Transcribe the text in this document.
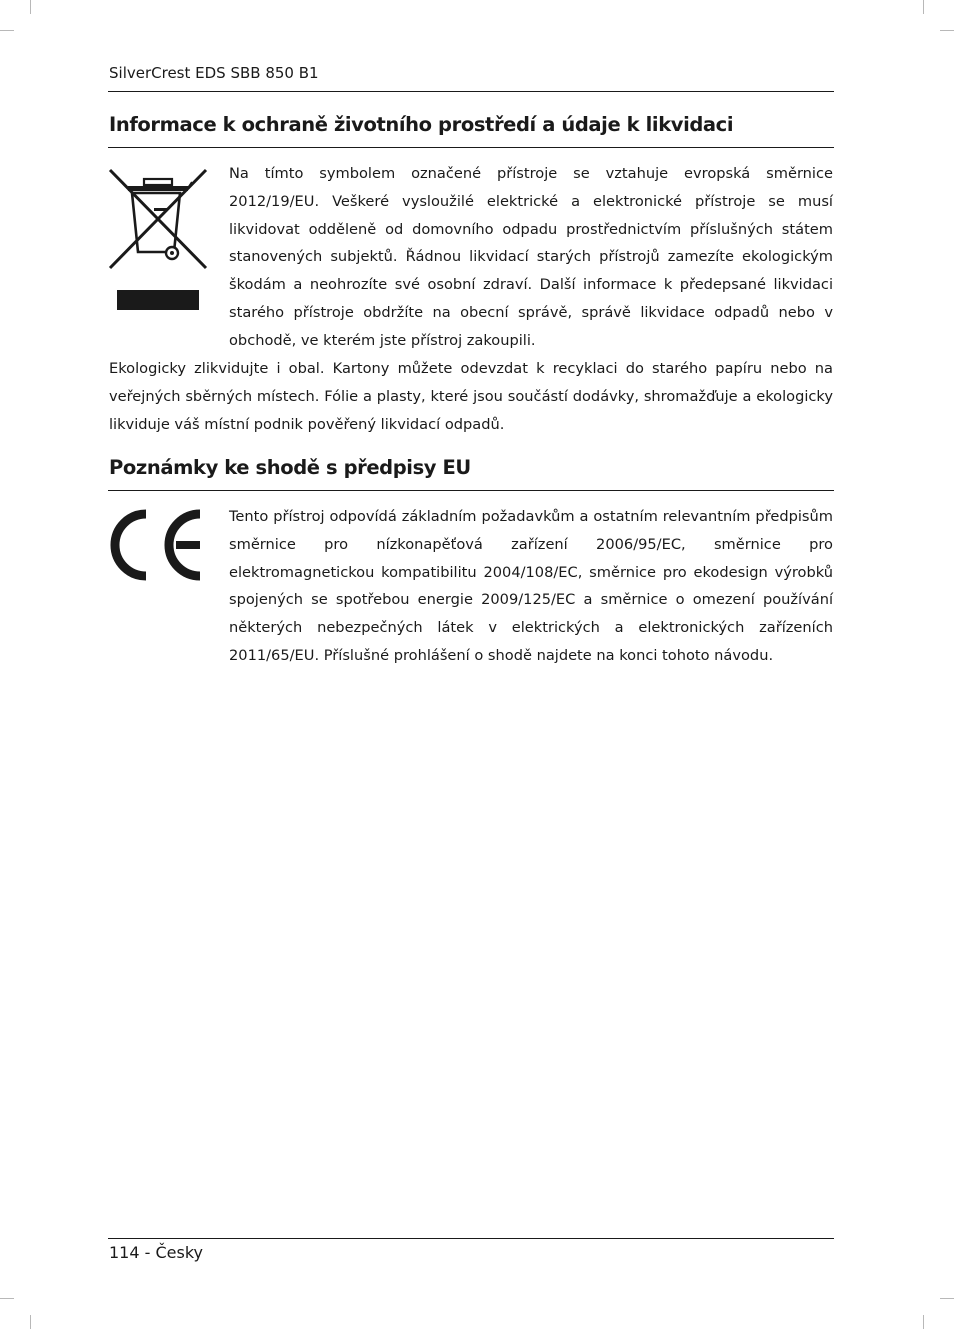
SilverCrest EDS SBB 850 B1
Informace k ochraně životního prostředí a údaje k likvidaci

Na tímto symbolem označené přístroje se vztahuje evropská směrnice 2012/19/EU. Veškeré vysloužilé elektrické a elektronické přístroje se musí likvidovat odděleně od domovního odpadu prostřednictvím příslušných státem stanovených subjektů. Řádnou likvidací starých přístrojů zamezíte ekologickým škodám a neohrozíte své osobní zdraví. Další informace k předepsané likvidaci starého přístroje obdržíte na obecní správě, správě likvidace odpadů nebo v obchodě, ve kterém jste přístroj zakoupili.

Ekologicky zlikvidujte i obal. Kartony můžete odevzdat k recyklaci do starého papíru nebo na veřejných sběrných místech. Fólie a plasty, které jsou součástí dodávky, shromažďuje a ekologicky likviduje váš místní podnik pověřený likvidací odpadů.

Poznámky ke shodě s předpisy EU

Tento přístroj odpovídá základním požadavkům a ostatním relevantním předpisům směrnice pro nízkonapěťová zařízení 2006/95/EC, směrnice pro elektromagnetickou kompatibilitu 2004/108/EC, směrnice pro ekodesign výrobků spojených se spotřebou energie 2009/125/EC a směrnice o omezení používání některých nebezpečných látek v elektrických a elektronických zařízeních 2011/65/EU. Příslušné prohlášení o shodě najdete na konci tohoto návodu.

114 - Česky
